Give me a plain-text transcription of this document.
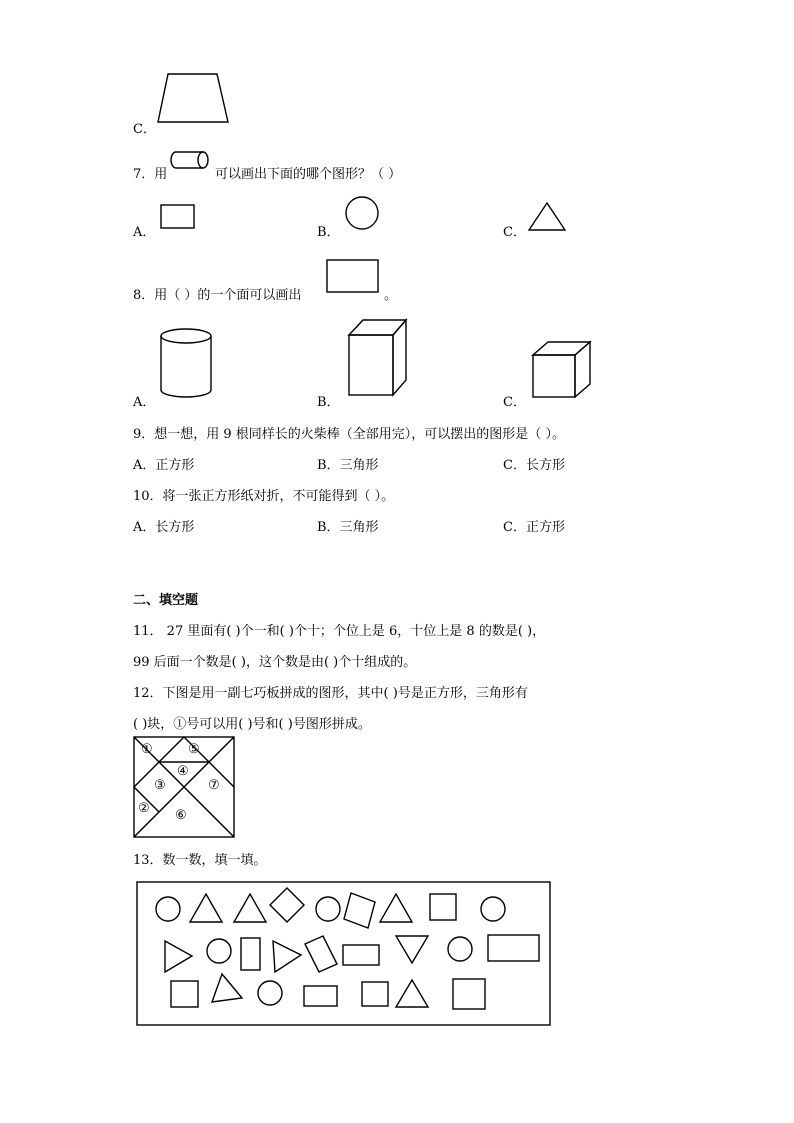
C．
7．用	可以画出下面的哪个图形？（ ）
A．	B．	C．
8．用（ ）的一个面可以画出	。
A．	B．	C．
9．想一想，用 9 根同样长的火柴棒（全部用完），可以摆出的图形是（ ）。
A．正方形	B．三角形	C．长方形
10．将一张正方形纸对折，不可能得到（ ）。
A．长方形	B．三角形	C．正方形
二、填空题
11． 27 里面有( )个一和( )个十；个位上是 6，十位上是 8 的数是( )，
99 后面一个数是( )，这个数是由( )个十组成的。
12．下图是用一副七巧板拼成的图形，其中( )号是正方形，三角形有
( )块，①号可以用( )号和( )号图形拼成。
①
②
③
④
⑤
⑥
⑦
13．数一数，填一填。
